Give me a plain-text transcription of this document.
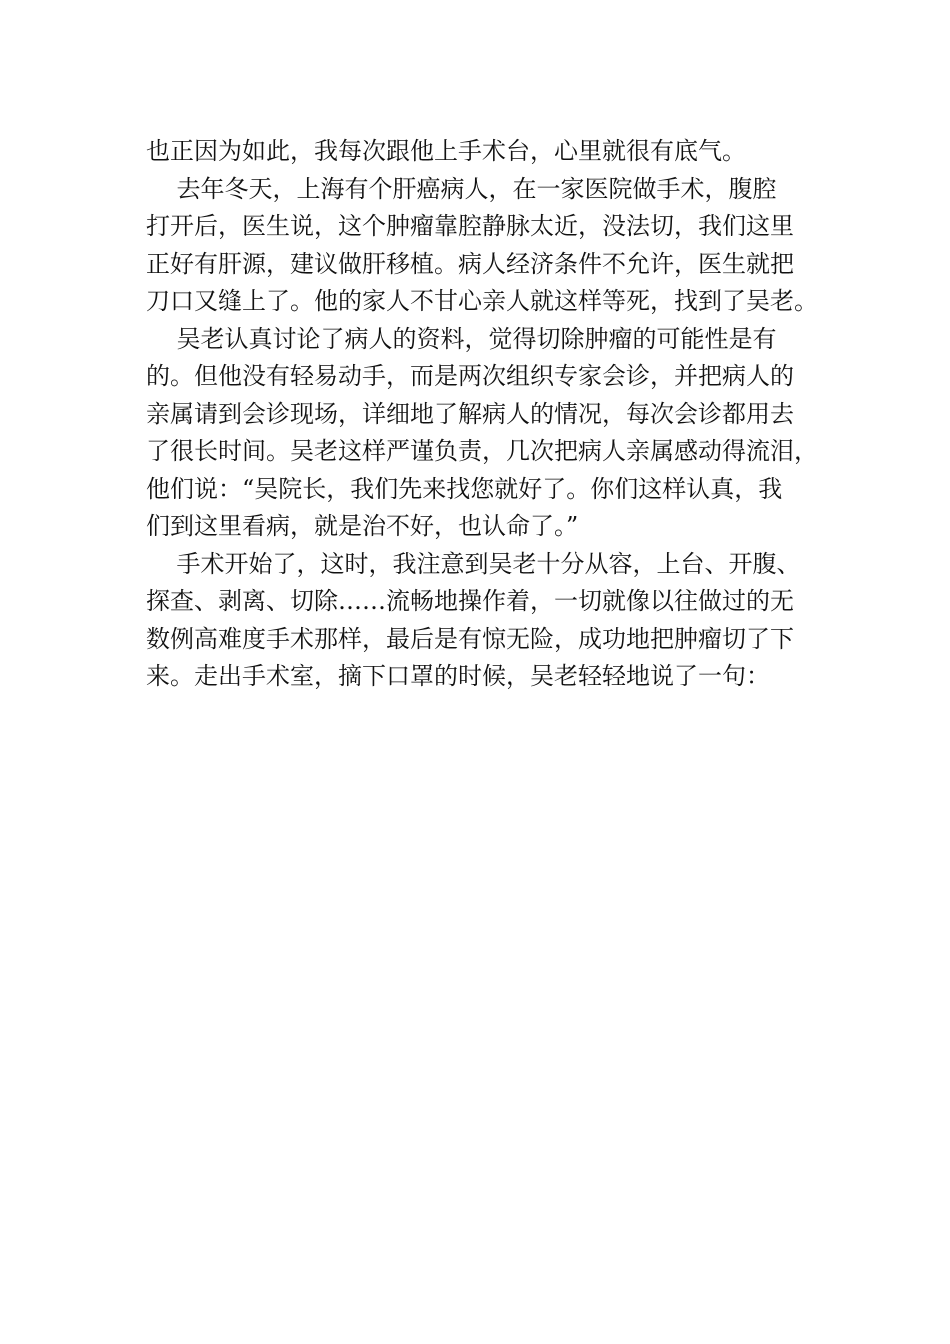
也正因为如此，我每次跟他上手术台，心里就很有底气。

去年冬天，上海有个肝癌病人，在一家医院做手术，腹腔

打开后，医生说，这个肿瘤靠腔静脉太近，没法切，我们这里

正好有肝源，建议做肝移植。病人经济条件不允许，医生就把

刀口又缝上了。他的家人不甘心亲人就这样等死，找到了吴老。

吴老认真讨论了病人的资料，觉得切除肿瘤的可能性是有

的。但他没有轻易动手，而是两次组织专家会诊，并把病人的

亲属请到会诊现场，详细地了解病人的情况，每次会诊都用去

了很长时间。吴老这样严谨负责，几次把病人亲属感动得流泪，

他们说：“吴院长，我们先来找您就好了。你们这样认真，我

们到这里看病，就是治不好，也认命了。”

手术开始了，这时，我注意到吴老十分从容，上台、开腹、

探查、剥离、切除……流畅地操作着，一切就像以往做过的无

数例高难度手术那样，最后是有惊无险，成功地把肿瘤切了下

来。走出手术室，摘下口罩的时候，吴老轻轻地说了一句：
